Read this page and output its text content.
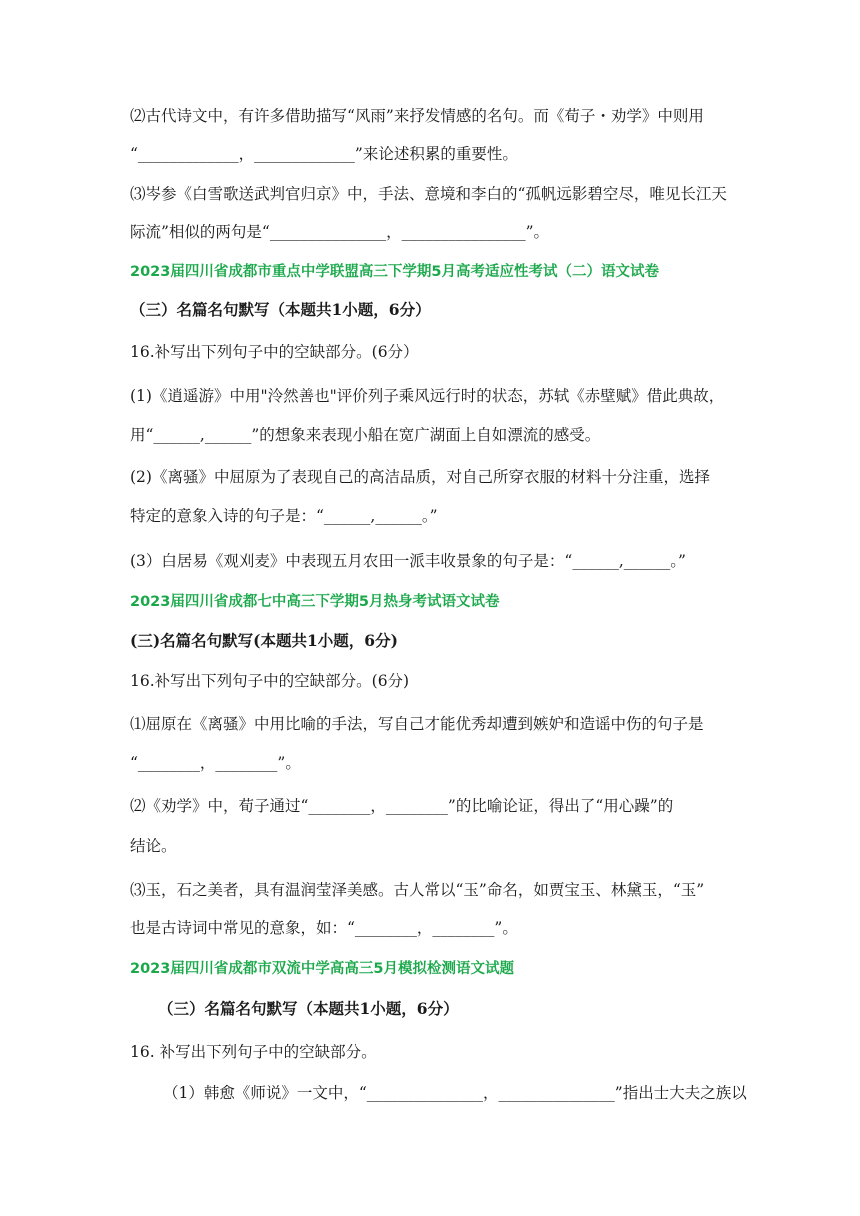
⑵古代诗文中，有许多借助描写“风雨”来抒发情感的名句。而《荀子・劝学》中则用
“_____________，_____________”来论述积累的重要性。
⑶岑参《白雪歌送武判官归京》中，手法、意境和李白的“孤帆远影碧空尽，唯见长江天
际流”相似的两句是“_______________，________________”。
2023届四川省成都市重点中学联盟高三下学期5月高考适应性考试（二）语文试卷
（三）名篇名句默写（本题共1小题，6分）
16.补写出下列句子中的空缺部分。(6分）
(1)《逍遥游》中用"泠然善也"评价列子乘风远行时的状态，苏轼《赤壁赋》借此典故，
用“______,______”的想象来表现小船在宽广湖面上自如漂流的感受。
(2)《离骚》中屈原为了表现自己的高洁品质，对自己所穿衣服的材料十分注重，选择
特定的意象入诗的句子是：“______,______。”
(3）白居易《观刈麦》中表现五月农田一派丰收景象的句子是：“______,______。”
2023届四川省成都七中高三下学期5月热身考试语文试卷
(三)名篇名句默写(本题共1小题，6分)
16.补写出下列句子中的空缺部分。(6分)
⑴屈原在《离骚》中用比喻的手法，写自己才能优秀却遭到嫉妒和造谣中伤的句子是
“________，________”。
⑵《劝学》中，荀子通过“________，________”的比喻论证，得出了“用心躁”的
结论。
⑶玉，石之美者，具有温润莹泽美感。古人常以“玉”命名，如贾宝玉、林黛玉，“玉”
也是古诗词中常见的意象，如：“________，________”。
2023届四川省成都市双流中学高高三5月模拟检测语文试题
（三）名篇名句默写（本题共1小题，6分）
16. 补写出下列句子中的空缺部分。
（1）韩愈《师说》一文中，“_______________，_______________”指出士大夫之族以
